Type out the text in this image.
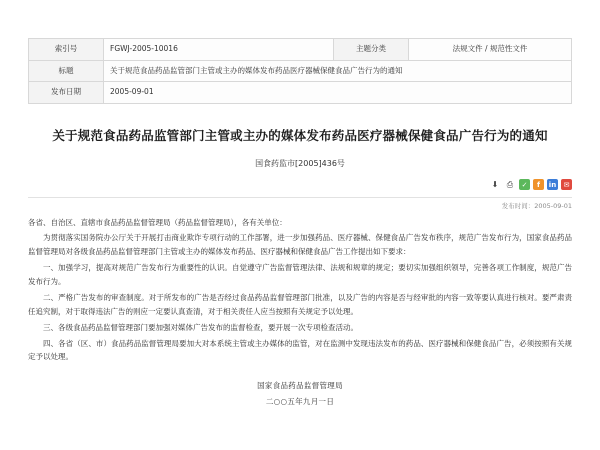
索引号	FGWJ-2005-10016	主题分类	法规文件 / 规范性文件
标题	关于规范食品药品监管部门主管或主办的媒体发布药品医疗器械保健食品广告行为的通知		
发布日期	2005-09-01		
关于规范食品药品监管部门主管或主办的媒体发布药品医疗器械保健食品广告行为的通知
国食药监市[2005]436号
⬇	⎙	✓	f	in	✉
发布时间：2005-09-01

各省、自治区、直辖市食品药品监督管理局（药品监督管理局），各有关单位：

为贯彻落实国务院办公厅关于开展打击商业欺诈专项行动的工作部署，进一步加强药品、医疗器械、保健食品广告发布秩序，规范广告发布行为，国家食品药品监督管理局对各级食品药品监督管理部门主管或主办的媒体发布药品、医疗器械和保健食品广告工作提出如下要求：

一、加强学习，提高对规范广告发布行为重要性的认识。自觉遵守广告监督管理法律、法规和规章的规定；要切实加强组织领导，完善各项工作制度，规范广告发布行为。

二、严格广告发布的审查制度。对于所发布的广告是否经过食品药品监督管理部门批准，以及广告的内容是否与经审批的内容一致等要认真进行核对。要严肃责任追究制，对于取得违法广告的则应一定要认真查清，对于相关责任人应当按照有关规定予以处理。

三、各级食品药品监督管理部门要加强对媒体广告发布的监督检查，要开展一次专项检查活动。

四、各省（区、市）食品药品监督管理局要加大对本系统主管或主办媒体的监管，对在监测中发现违法发布的药品、医疗器械和保健食品广告，必须按照有关规定予以处理。

国家食品药品监督管理局
二○○五年九月一日
